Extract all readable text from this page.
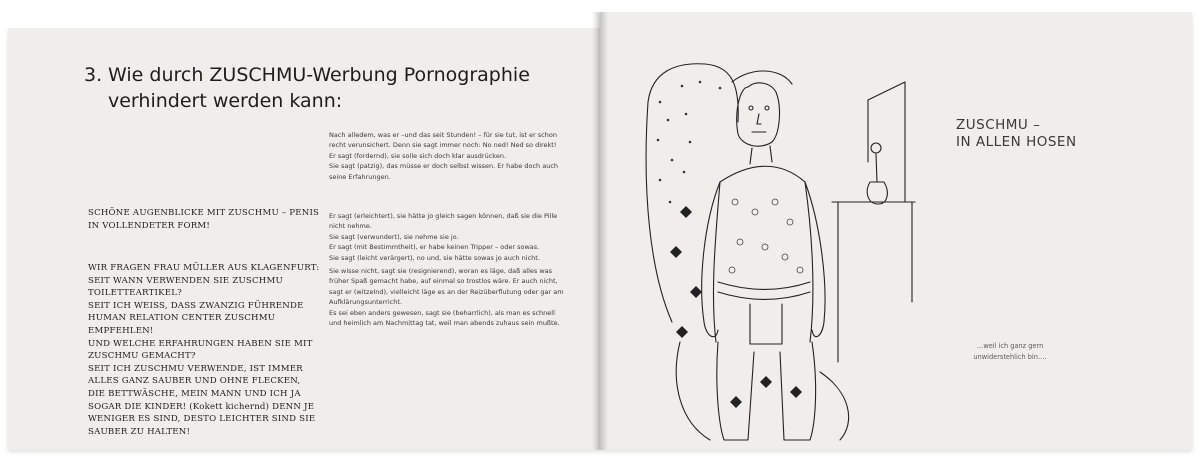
3. Wie durch ZUSCHMU-Werbung Pornographie verhindert werden kann:
SCHÖNE AUGENBLICKE MIT ZUSCHMU – PENIS IN VOLLENDETER FORM!
WIR FRAGEN FRAU MÜLLER AUS KLAGENFURT: SEIT WANN VERWENDEN SIE ZUSCHMU TOILETTEARTIKEL?
SEIT ICH WEISS, DASS ZWANZIG FÜHRENDE HUMAN RELATION CENTER ZUSCHMU EMPFEHLEN!
UND WELCHE ERFAHRUNGEN HABEN SIE MIT ZUSCHMU GEMACHT?
SEIT ICH ZUSCHMU VERWENDE, IST IMMER ALLES GANZ SAUBER UND OHNE FLECKEN, DIE BETTWÄSCHE, MEIN MANN UND ICH JA SOGAR DIE KINDER! (Kokett kichernd) DENN JE WENIGER ES SIND, DESTO LEICHTER SIND SIE SAUBER ZU HALTEN!
Nach alledem, was er –und das seit Stunden! – für sie tut, ist er schon recht verunsichert. Denn sie sagt immer noch: No ned! Ned so direkt!
Er sagt (fordernd), sie solle sich doch klar ausdrücken.
Sie sagt (patzig), das müsse er doch selbst wissen. Er habe doch auch seine Erfahrungen.
Er sagt (erleichtert), sie hätte jo gleich sagen können, daß sie die Pille nicht nehme.
Sie sagt (verwundert), sie nehme sie jo.
Er sagt (mit Bestimmtheit), er habe keinen Tripper – oder sowas.
Sie sagt (leicht verärgert), no und, sie hätte sowas jo auch nicht.
Sie wisse nicht, sagt sie (resignierend), woran es läge, daß alles was früher Spaß gemacht habe, auf einmal so trostlos wäre. Er auch nicht, sagt er (witzelnd), vielleicht läge es an der Reizüberflutung oder gar am Aufklärungsunterricht.
Es sei eben anders gewesen, sagt sie (beharrlich), als man es schnell und heimlich am Nachmittag tat, weil man abends zuhaus sein mußte.
ZUSCHMU –
IN ALLEN HOSEN
…weil ich ganz gern
unwiderstehlich bin….
